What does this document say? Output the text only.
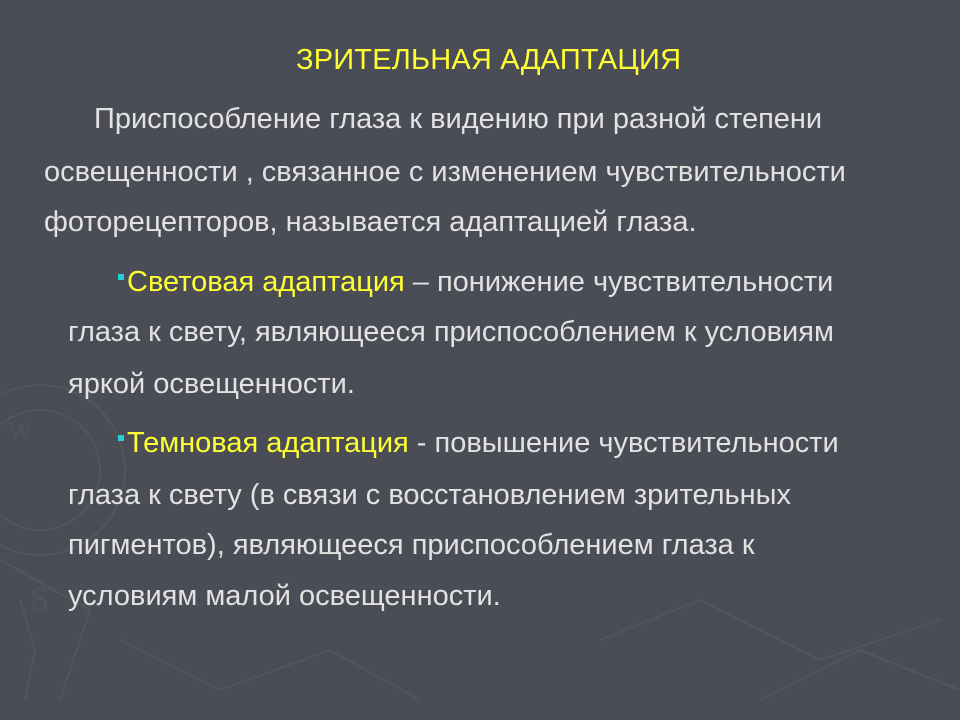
S
W
ЗРИТЕЛЬНАЯ АДАПТАЦИЯ
Приспособление глаза к видению при разной степени
освещенности , связанное с изменением чувствительности
фоторецепторов, называется адаптацией глаза.
Световая адаптация – понижение чувствительности
глаза к свету, являющееся приспособлением к условиям
яркой освещенности.
Темновая адаптация - повышение чувствительности
глаза к свету (в связи с восстановлением зрительных
пигментов), являющееся приспособлением глаза к
условиям малой освещенности.
